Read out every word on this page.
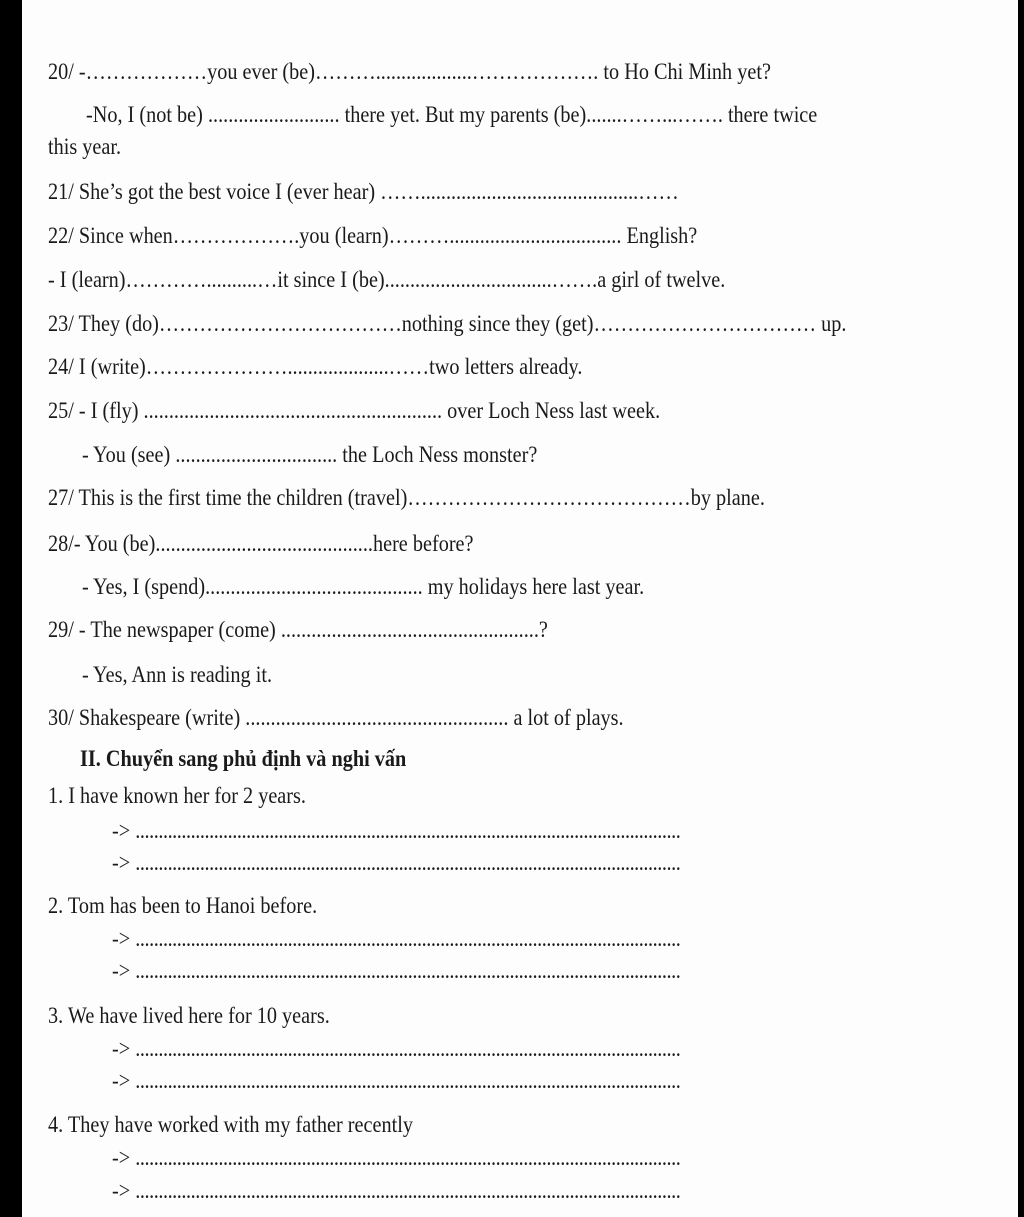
20/ -………………you ever (be)………...................………………. to Ho Chi Minh yet?
-No, I (not be) .......................... there yet. But my parents (be).......……...……. there twice
this year.
21/ She’s got the best voice I (ever hear) ……...........................................……
22/ Since when……………….you (learn)……….................................. English?
- I (learn)…………..........…it since I (be).................................…….a girl of twelve.
23/ They (do)………………………………nothing since they (get)…………………………… up.
24/ I (write)…………………....................……two letters already.
25/ - I (fly) ........................................................... over Loch Ness last week.
- You (see) ................................ the Loch Ness monster?
27/ This is the first time the children (travel)……………………………………by plane.
28/- You (be)...........................................here before?
- Yes, I (spend)........................................... my holidays here last year.
29/ - The newspaper (come) ...................................................?
- Yes, Ann is reading it.
30/ Shakespeare (write) .................................................... a lot of plays.
II. Chuyển sang phủ định và nghi vấn
1. I have known her for 2 years.
-> ......................................................................................................................
-> ......................................................................................................................
2. Tom has been to Hanoi before.
-> ......................................................................................................................
-> ......................................................................................................................
3. We have lived here for 10 years.
-> ......................................................................................................................
-> ......................................................................................................................
4. They have worked with my father recently
-> ......................................................................................................................
-> ......................................................................................................................
